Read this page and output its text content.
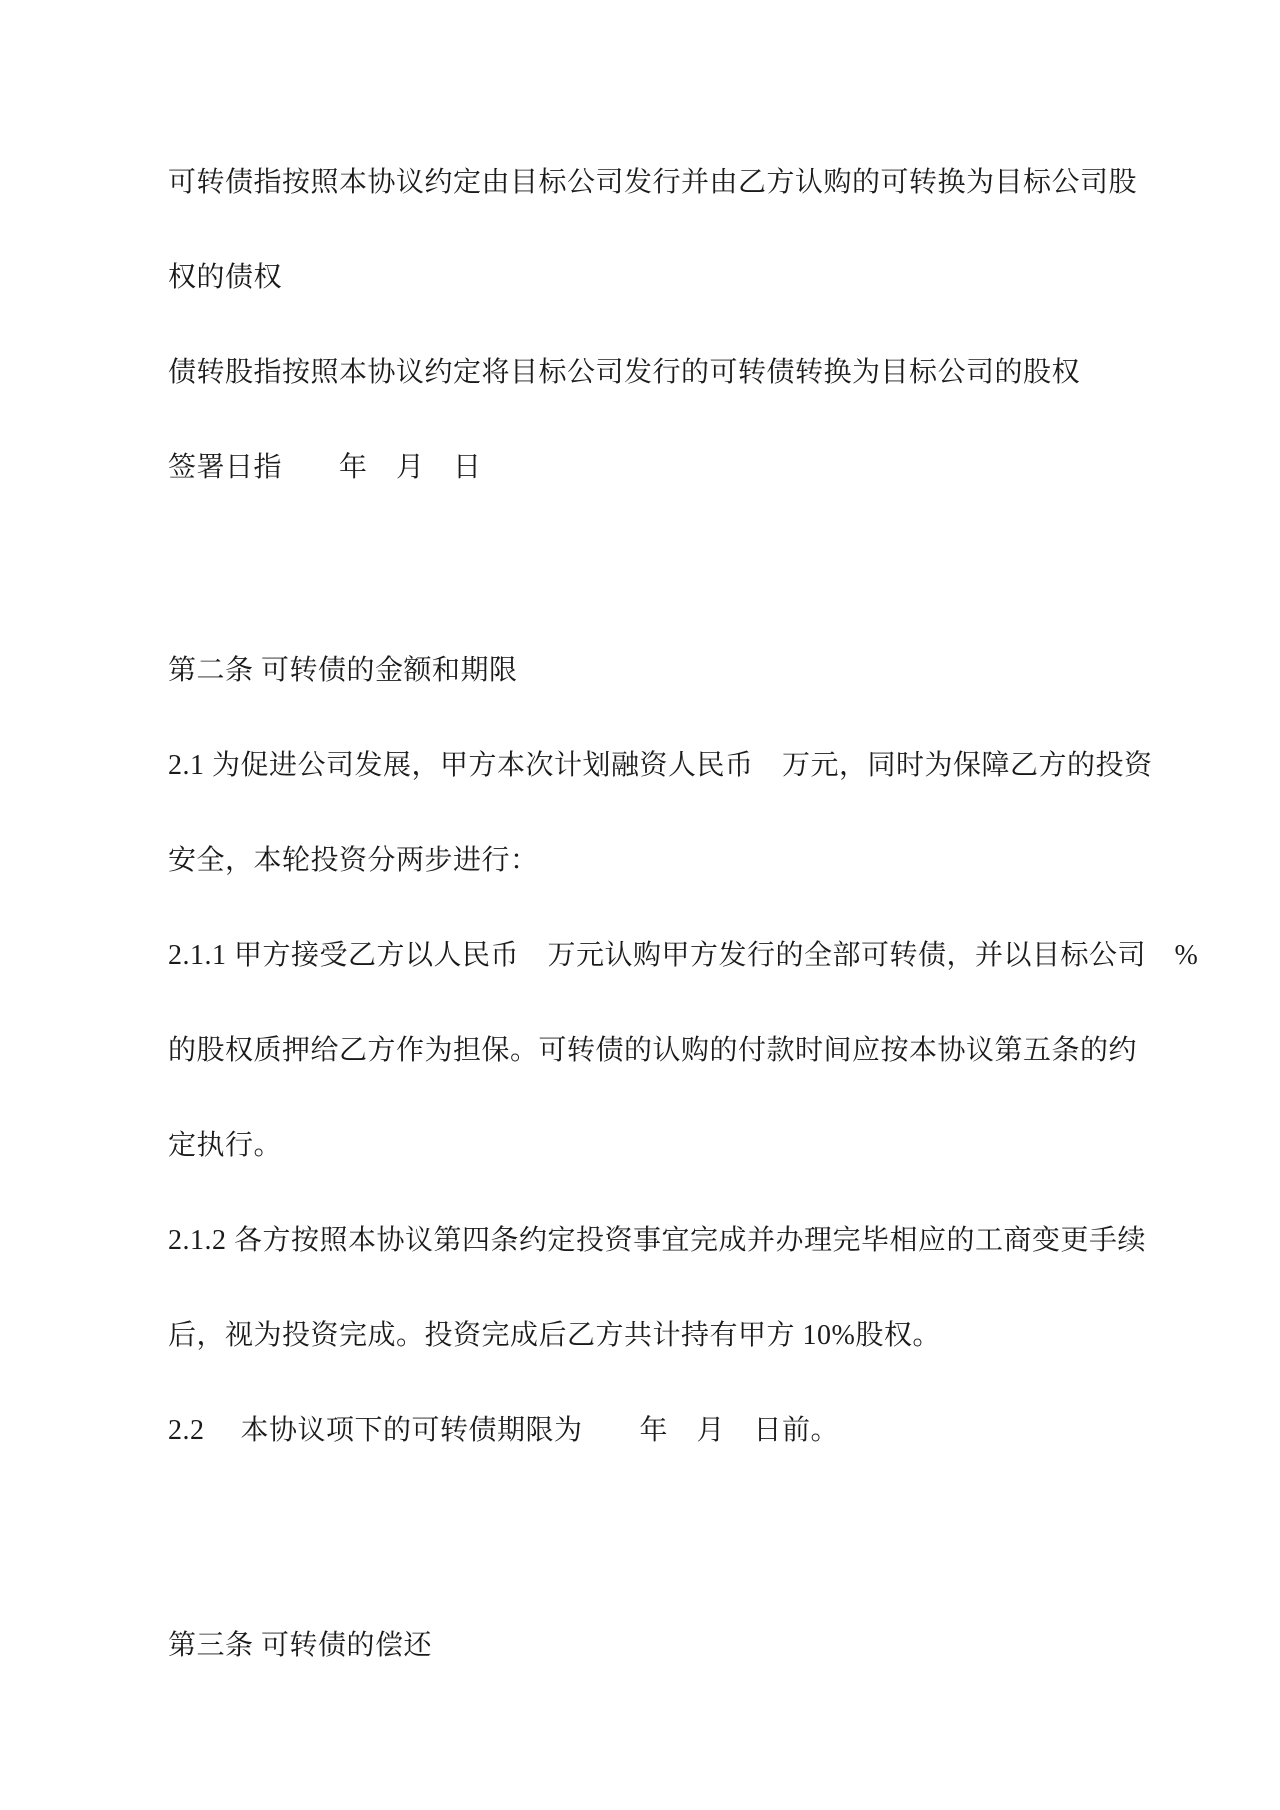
可转债指按照本协议约定由目标公司发行并由乙方认购的可转换为目标公司股
权的债权
债转股指按照本协议约定将目标公司发行的可转债转换为目标公司的股权
签署日指　　年　月　日
第二条 可转债的金额和期限
2.1 为促进公司发展，甲方本次计划融资人民币　万元，同时为保障乙方的投资
安全，本轮投资分两步进行：
2.1.1 甲方接受乙方以人民币　万元认购甲方发行的全部可转债，并以目标公司　%
的股权质押给乙方作为担保。可转债的认购的付款时间应按本协议第五条的约
定执行。
2.1.2 各方按照本协议第四条约定投资事宜完成并办理完毕相应的工商变更手续
后，视为投资完成。投资完成后乙方共计持有甲方 10%股权。
2.2　 本协议项下的可转债期限为　　年　月　日前。
第三条 可转债的偿还
